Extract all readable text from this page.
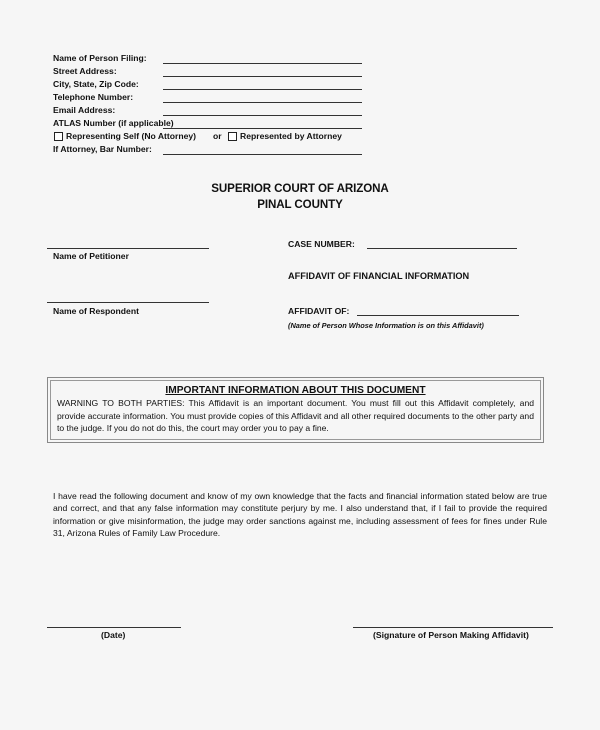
Name of Person Filing:
Street Address:
City, State, Zip Code:
Telephone Number:
Email Address:
ATLAS Number (if applicable)
Representing Self (No Attorney) or Represented by Attorney
If Attorney, Bar Number:
SUPERIOR COURT OF ARIZONA
PINAL COUNTY
Name of Petitioner
Name of Respondent
CASE NUMBER:
AFFIDAVIT OF FINANCIAL INFORMATION
AFFIDAVIT OF:
(Name of Person Whose Information is on this Affidavit)
IMPORTANT INFORMATION ABOUT THIS DOCUMENT
WARNING TO BOTH PARTIES: This Affidavit is an important document. You must fill out this Affidavit completely, and provide accurate information. You must provide copies of this Affidavit and all other required documents to the other party and to the judge. If you do not do this, the court may order you to pay a fine.
I have read the following document and know of my own knowledge that the facts and financial information stated below are true and correct, and that any false information may constitute perjury by me. I also understand that, if I fail to provide the required information or give misinformation, the judge may order sanctions against me, including assessment of fees for fines under Rule 31, Arizona Rules of Family Law Procedure.
(Date)	(Signature of Person Making Affidavit)
